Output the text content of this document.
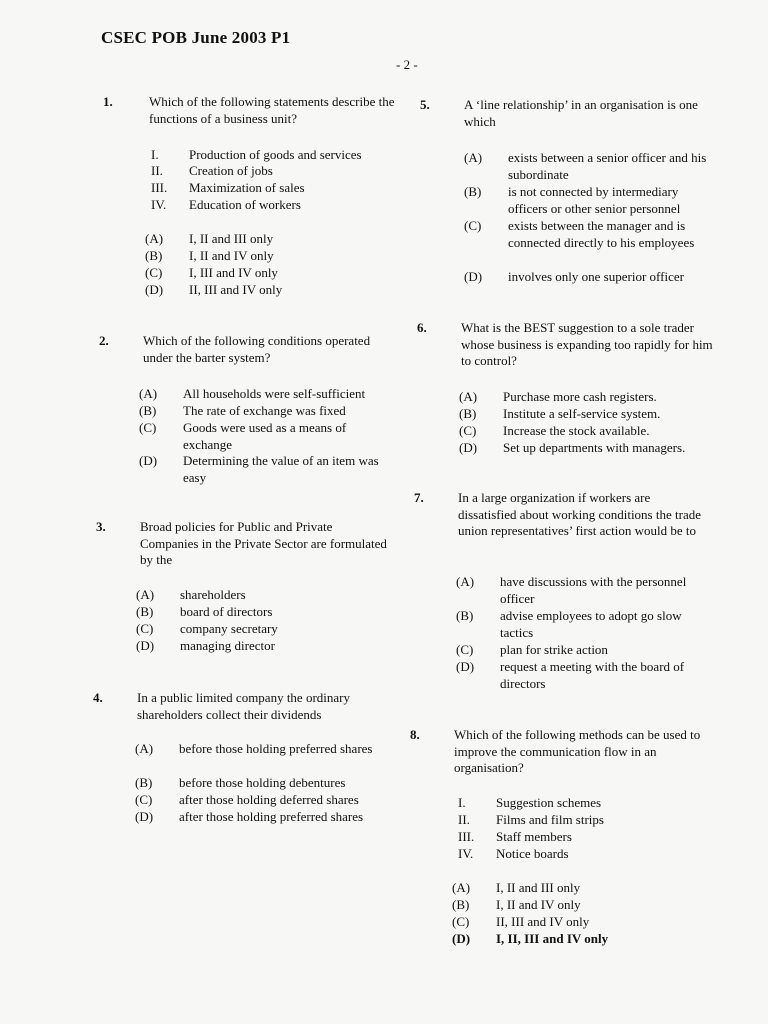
CSEC POB June 2003 P1
- 2 -
1.	Which of the following statements describe the functions of a business unit?
I. Production of goods and services
II. Creation of jobs
III. Maximization of sales
IV. Education of workers
(A) I, II and III only
(B) I, II and IV only
(C) I, III and IV only
(D) II, III and IV only
2.	Which of the following conditions operated under the barter system?
(A) All households were self-sufficient
(B) The rate of exchange was fixed
(C) Goods were used as a means of exchange
(D) Determining the value of an item was easy
3.	Broad policies for Public and Private Companies in the Private Sector are formulated by the
(A) shareholders
(B) board of directors
(C) company secretary
(D) managing director
4.	In a public limited company the ordinary shareholders collect their dividends
(A) before those holding preferred shares
(B) before those holding debentures
(C) after those holding deferred shares
(D) after those holding preferred shares
5.	A ‘line relationship’ in an organisation is one which
(A) exists between a senior officer and his subordinate
(B) is not connected by intermediary officers or other senior personnel
(C) exists between the manager and is connected directly to his employees
(D) involves only one superior officer
6.	What is the BEST suggestion to a sole trader whose business is expanding too rapidly for him to control?
(A) Purchase more cash registers.
(B) Institute a self-service system.
(C) Increase the stock available.
(D) Set up departments with managers.
7.	In a large organization if workers are dissatisfied about working conditions the trade union representatives’ first action would be to
(A) have discussions with the personnel officer
(B) advise employees to adopt go slow tactics
(C) plan for strike action
(D) request a meeting with the board of directors
8.	Which of the following methods can be used to improve the communication flow in an organisation?
I. Suggestion schemes
II. Films and film strips
III. Staff members
IV. Notice boards
(A) I, II and III only
(B) I, II and IV only
(C) II, III and IV only
(D) I, II, III and IV only
